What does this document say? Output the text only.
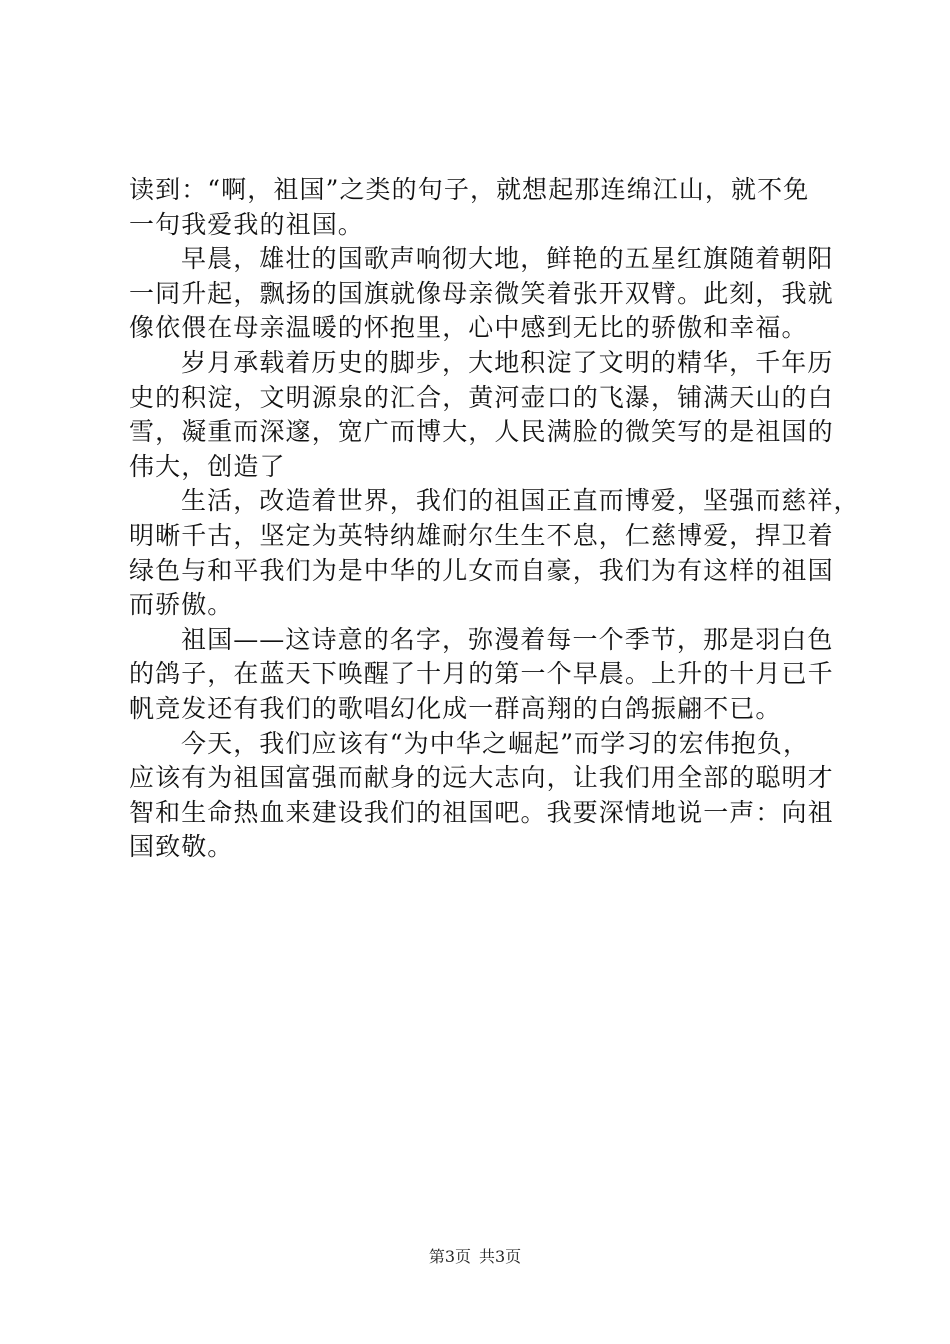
读到：“啊，祖国”之类的句子，就想起那连绵江山，就不免
一句我爱我的祖国。
早晨，雄壮的国歌声响彻大地，鲜艳的五星红旗随着朝阳
一同升起，飘扬的国旗就像母亲微笑着张开双臂。此刻，我就
像依偎在母亲温暖的怀抱里，心中感到无比的骄傲和幸福。
岁月承载着历史的脚步，大地积淀了文明的精华，千年历
史的积淀，文明源泉的汇合，黄河壶口的飞瀑，铺满天山的白
雪，凝重而深邃，宽广而博大，人民满脸的微笑写的是祖国的
伟大，创造了
生活，改造着世界，我们的祖国正直而博爱，坚强而慈祥，
明晰千古，坚定为英特纳雄耐尔生生不息，仁慈博爱，捍卫着
绿色与和平我们为是中华的儿女而自豪，我们为有这样的祖国
而骄傲。
祖国——这诗意的名字，弥漫着每一个季节，那是羽白色
的鸽子，在蓝天下唤醒了十月的第一个早晨。上升的十月已千
帆竞发还有我们的歌唱幻化成一群高翔的白鸽振翩不已。
今天，我们应该有“为中华之崛起”而学习的宏伟抱负，
应该有为祖国富强而献身的远大志向，让我们用全部的聪明才
智和生命热血来建设我们的祖国吧。我要深情地说一声：向祖
国致敬。
第3页 共3页
